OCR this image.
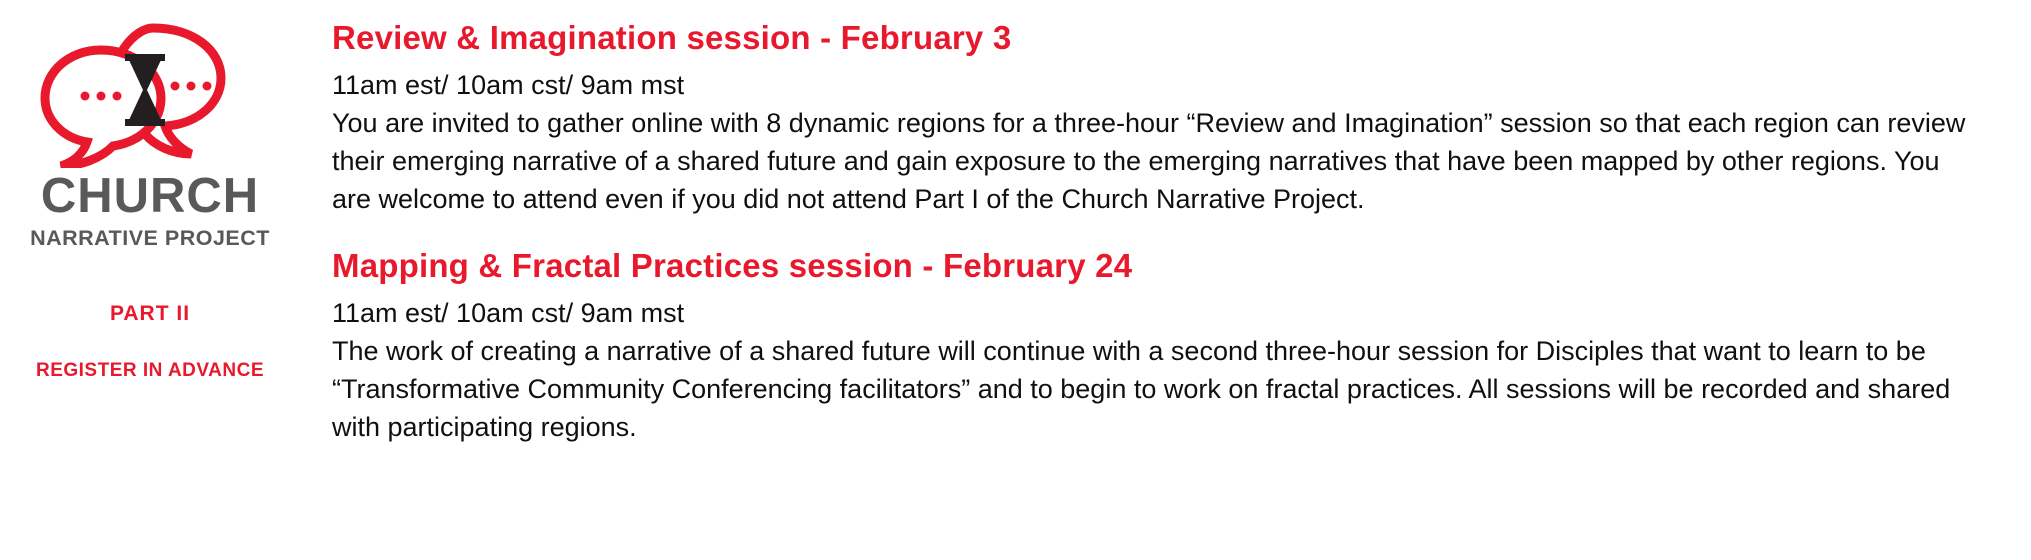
CHURCH
NARRATIVE PROJECT
PART II
REGISTER IN ADVANCE
Review & Imagination session - February 3

11am est/ 10am cst/ 9am mst

You are invited to gather online with 8 dynamic regions for a three-hour “Review and Imagination” session so that each region can review their emerging narrative of a shared future and gain exposure to the emerging narratives that have been mapped by other regions. You are welcome to attend even if you did not attend Part I of the Church Narrative Project.

Mapping & Fractal Practices session - February 24

11am est/ 10am cst/ 9am mst

The work of creating a narrative of a shared future will continue with a second three-hour session for Disciples that want to learn to be “Transformative Community Conferencing facilitators” and to begin to work on fractal practices. All sessions will be recorded and shared with participating regions.
